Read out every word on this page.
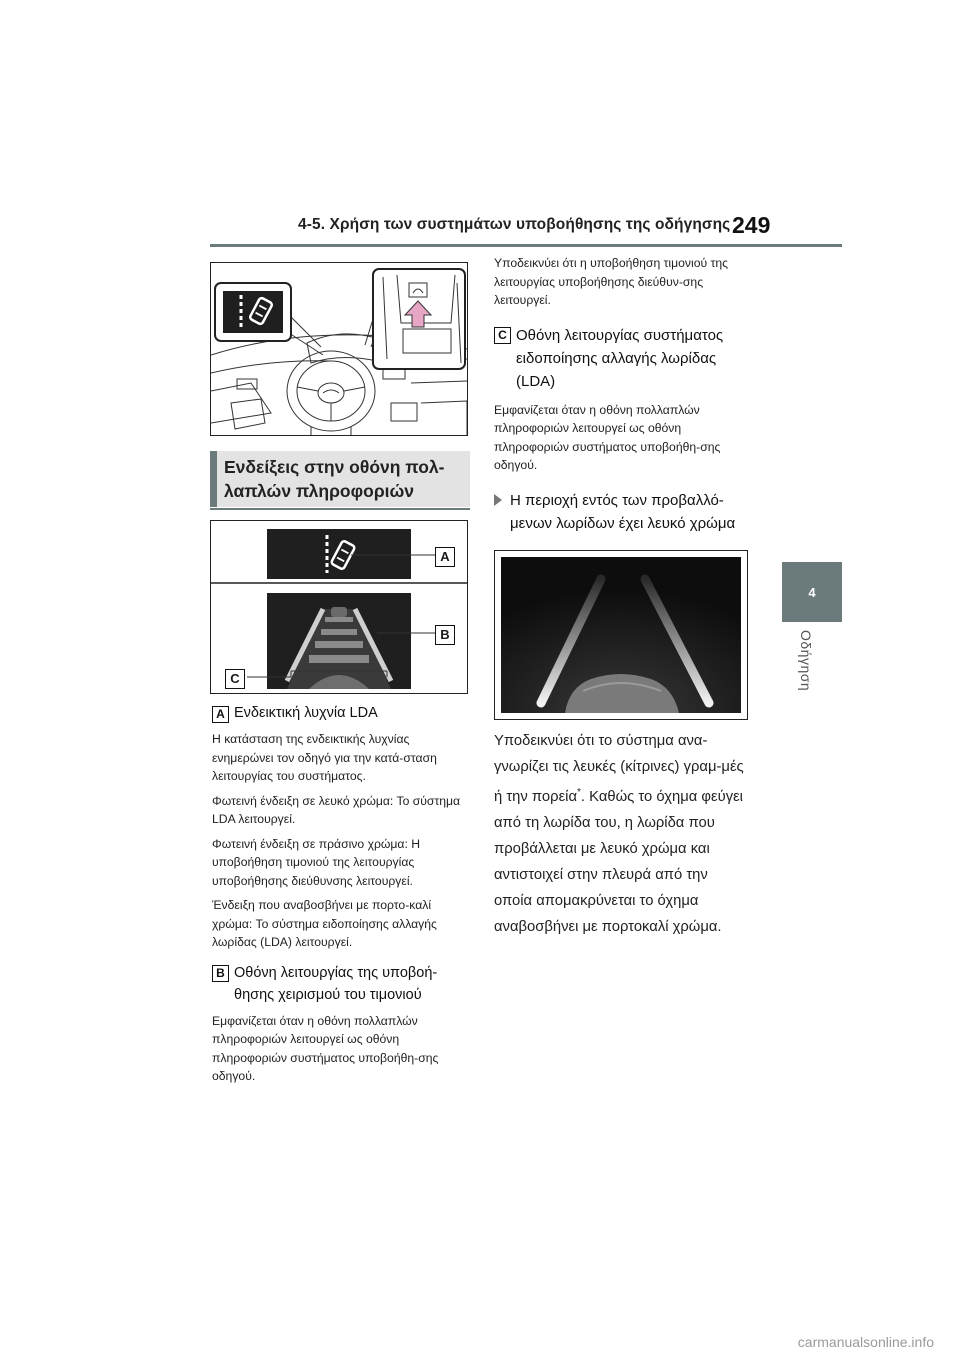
4-5. Χρήση των συστημάτων υποβοήθησης της οδήγησης 249
4
Οδήγηση
Ενδείξεις στην οθόνη πολ-λαπλών πληροφοριών
A
B
C
A Ενδεικτική λυχνία LDA

Η κατάσταση της ενδεικτικής λυχνίας ενημερώνει τον οδηγό για την κατά-σταση λειτουργίας του συστήματος.

Φωτεινή ένδειξη σε λευκό χρώμα: Το σύστημα LDA λειτουργεί.

Φωτεινή ένδειξη σε πράσινο χρώμα: Η υποβοήθηση τιμονιού της λειτουργίας υποβοήθησης διεύθυνσης λειτουργεί.

Ένδειξη που αναβοσβήνει με πορτο-καλί χρώμα: Το σύστημα ειδοποίησης αλλαγής λωρίδας (LDA) λειτουργεί.

B Οθόνη λειτουργίας της υποβοή-θησης χειρισμού του τιμονιού

Εμφανίζεται όταν η οθόνη πολλαπλών πληροφοριών λειτουργεί ως οθόνη πληροφοριών συστήματος υποβοήθη-σης οδηγού.

Υποδεικνύει ότι η υποβοήθηση τιμονιού της λειτουργίας υποβοήθησης διεύθυν-σης λειτουργεί.

C Οθόνη λειτουργίας συστήματος ειδοποίησης αλλαγής λωρίδας (LDA)

Εμφανίζεται όταν η οθόνη πολλαπλών πληροφοριών λειτουργεί ως οθόνη πληροφοριών συστήματος υποβοήθη-σης οδηγού.

Η περιοχή εντός των προβαλλό-μενων λωρίδων έχει λευκό χρώμα

Υποδεικνύει ότι το σύστημα ανα-γνωρίζει τις λευκές (κίτρινες) γραμ-μές ή την πορεία*. Καθώς το όχημα φεύγει από τη λωρίδα του, η λωρίδα που προβάλλεται με λευκό χρώμα και αντιστοιχεί στην πλευρά από την οποία απομακρύνεται το όχημα αναβοσβήνει με πορτοκαλί χρώμα.

carmanualsonline.info
